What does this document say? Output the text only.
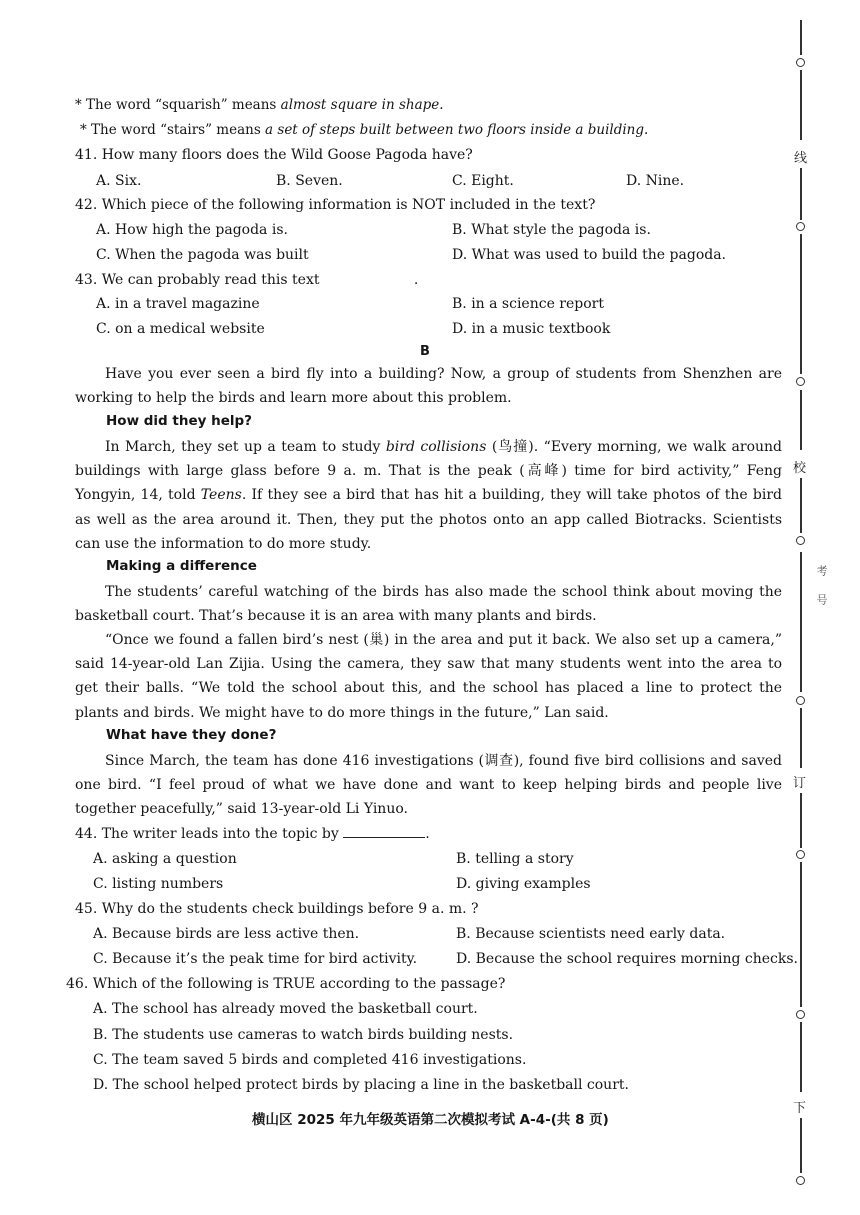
* The word “squarish” means almost square in shape.
* The word “stairs” means a set of steps built between two floors inside a building.
41. How many floors does the Wild Goose Pagoda have?
A. Six.	B. Seven.	C. Eight.	D. Nine.
42. Which piece of the following information is NOT included in the text?
A. How high the pagoda is.	B. What style the pagoda is.
C. When the pagoda was built	D. What was used to build the pagoda.
43. We can probably read this text	.
A. in a travel magazine	B. in a science report
C. on a medical website	D. in a music textbook
B

Have you ever seen a bird fly into a building? Now, a group of students from Shenzhen are working to help the birds and learn more about this problem.

How did they help?

In March, they set up a team to study bird collisions (鸟撞). “Every morning, we walk around buildings with large glass before 9 a. m. That is the peak (高峰) time for bird activity,” Feng Yongyin, 14, told Teens. If they see a bird that has hit a building, they will take photos of the bird as well as the area around it. Then, they put the photos onto an app called Biotracks. Scientists can use the information to do more study.

Making a difference

The students’ careful watching of the birds has also made the school think about moving the basketball court. That’s because it is an area with many plants and birds.

“Once we found a fallen bird’s nest (巢) in the area and put it back. We also set up a camera,” said 14-year-old Lan Zijia. Using the camera, they saw that many students went into the area to get their balls. “We told the school about this, and the school has placed a line to protect the plants and birds. We might have to do more things in the future,” Lan said.

What have they done?

Since March, the team has done 416 investigations (调查), found five bird collisions and saved one bird. “I feel proud of what we have done and want to keep helping birds and people live together peacefully,” said 13-year-old Li Yinuo.

44. The writer leads into the topic by	.
A. asking a question	B. telling a story
C. listing numbers	D. giving examples
45. Why do the students check buildings before 9 a. m. ?
A. Because birds are less active then.	B. Because scientists need early data.
C. Because it’s the peak time for bird activity.	D. Because the school requires morning checks.
46. Which of the following is TRUE according to the passage?
A. The school has already moved the basketball court.
B. The students use cameras to watch birds building nests.
C. The team saved 5 birds and completed 416 investigations.
D. The school helped protect birds by placing a line in the basketball court.
横山区 2025 年九年级英语第二次模拟考试 A-4-(共 8 页)
线
校
考号
订
下
